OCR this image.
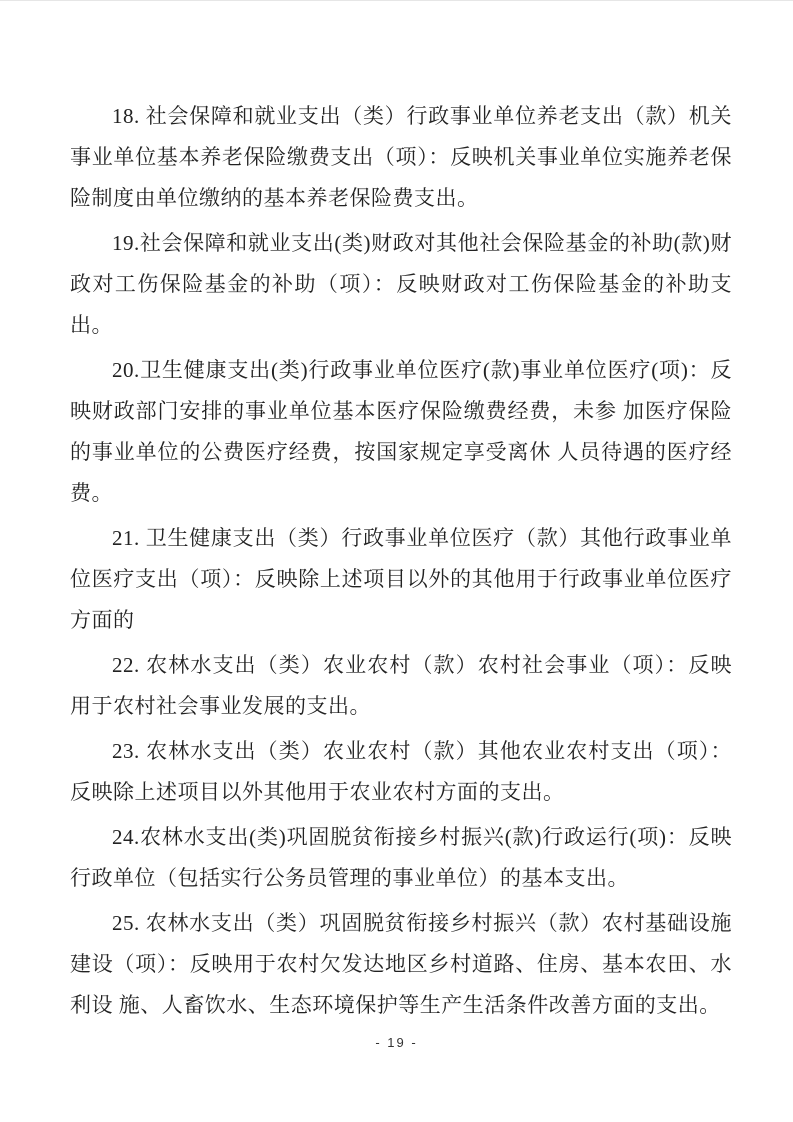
18. 社会保障和就业支出（类）行政事业单位养老支出（款）机关事业单位基本养老保险缴费支出（项）：反映机关事业单位实施养老保险制度由单位缴纳的基本养老保险费支出。

19.社会保障和就业支出(类)财政对其他社会保险基金的补助(款)财政对工伤保险基金的补助（项）：反映财政对工伤保险基金的补助支出。

20.卫生健康支出(类)行政事业单位医疗(款)事业单位医疗(项)：反映财政部门安排的事业单位基本医疗保险缴费经费，未参 加医疗保险的事业单位的公费医疗经费，按国家规定享受离休 人员待遇的医疗经费。

21. 卫生健康支出（类）行政事业单位医疗（款）其他行政事业单位医疗支出（项）：反映除上述项目以外的其他用于行政事业单位医疗方面的

22. 农林水支出（类）农业农村（款）农村社会事业（项）：反映用于农村社会事业发展的支出。

23. 农林水支出（类）农业农村（款）其他农业农村支出（项）：反映除上述项目以外其他用于农业农村方面的支出。

24.农林水支出(类)巩固脱贫衔接乡村振兴(款)行政运行(项)：反映行政单位（包括实行公务员管理的事业单位）的基本支出。

25. 农林水支出（类）巩固脱贫衔接乡村振兴（款）农村基础设施建设（项）：反映用于农村欠发达地区乡村道路、住房、基本农田、水利设 施、人畜饮水、生态环境保护等生产生活条件改善方面的支出。

- 19 -
